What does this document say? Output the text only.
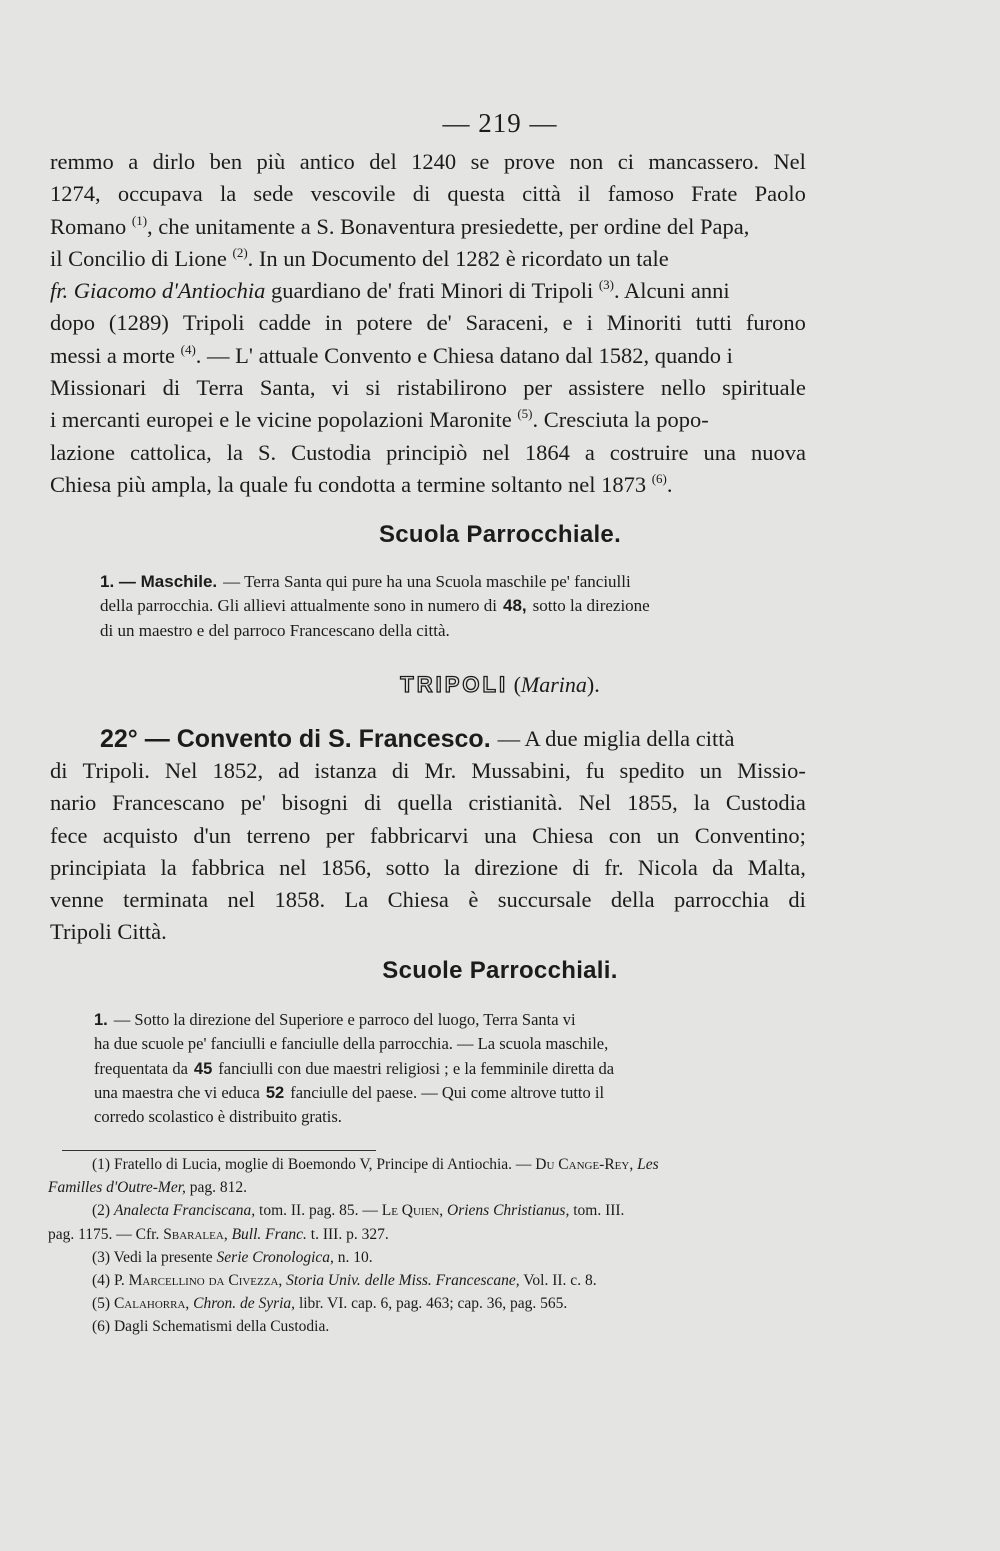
— 219 —
remmo a dirlo ben più antico del 1240 se prove non ci mancassero. Nel
1274, occupava la sede vescovile di questa città il famoso Frate Paolo
Romano $^{(1)}$, che unitamente a S. Bonaventura presiedette, per ordine del Papa,
il Concilio di Lione $^{(2)}$. In un Documento del 1282 è ricordato un tale
fr. Giacomo d'Antiochia guardiano de' frati Minori di Tripoli $^{(3)}$. Alcuni anni
dopo (1289) Tripoli cadde in potere de' Saraceni, e i Minoriti tutti furono
messi a morte $^{(4)}$. — L' attuale Convento e Chiesa datano dal 1582, quando i
Missionari di Terra Santa, vi si ristabilirono per assistere nello spirituale
i mercanti europei e le vicine popolazioni Maronite $^{(5)}$. Cresciuta la popo-
lazione cattolica, la S. Custodia principiò nel 1864 a costruire una nuova
Chiesa più ampla, la quale fu condotta a termine soltanto nel 1873 $^{(6)}$.
Scuola Parrocchiale.
1. — Maschile. — Terra Santa qui pure ha una Scuola maschile pe' fanciulli
della parrocchia. Gli allievi attualmente sono in numero di 48, sotto la direzione
di un maestro e del parroco Francescano della città.
TRIPOLI (Marina).
22° — Convento di S. Francesco. — A due miglia della città
di Tripoli. Nel 1852, ad istanza di Mr. Mussabini, fu spedito un Missio-
nario Francescano pe' bisogni di quella cristianità. Nel 1855, la Custodia
fece acquisto d'un terreno per fabbricarvi una Chiesa con un Conventino;
principiata la fabbrica nel 1856, sotto la direzione di fr. Nicola da Malta,
venne terminata nel 1858. La Chiesa è succursale della parrocchia di
Tripoli Città.
Scuole Parrocchiali.
1. — Sotto la direzione del Superiore e parroco del luogo, Terra Santa vi
ha due scuole pe' fanciulli e fanciulle della parrocchia. — La scuola maschile,
frequentata da 45 fanciulli con due maestri religiosi ; e la femminile diretta da
una maestra che vi educa 52 fanciulle del paese. — Qui come altrove tutto il
corredo scolastico è distribuito gratis.
(1) Fratello di Lucia, moglie di Boemondo V, Principe di Antiochia. — Du Cange-Rey, Les
Familles d'Outre-Mer, pag. 812.
(2) Analecta Franciscana, tom. II. pag. 85. — Le Quien, Oriens Christianus, tom. III.
pag. 1175. — Cfr. Sbaralea, Bull. Franc. t. III. p. 327.
(3) Vedi la presente Serie Cronologica, n. 10.
(4) P. Marcellino da Civezza, Storia Univ. delle Miss. Francescane, Vol. II. c. 8.
(5) Calahorra, Chron. de Syria, libr. VI. cap. 6, pag. 463; cap. 36, pag. 565.
(6) Dagli Schematismi della Custodia.
